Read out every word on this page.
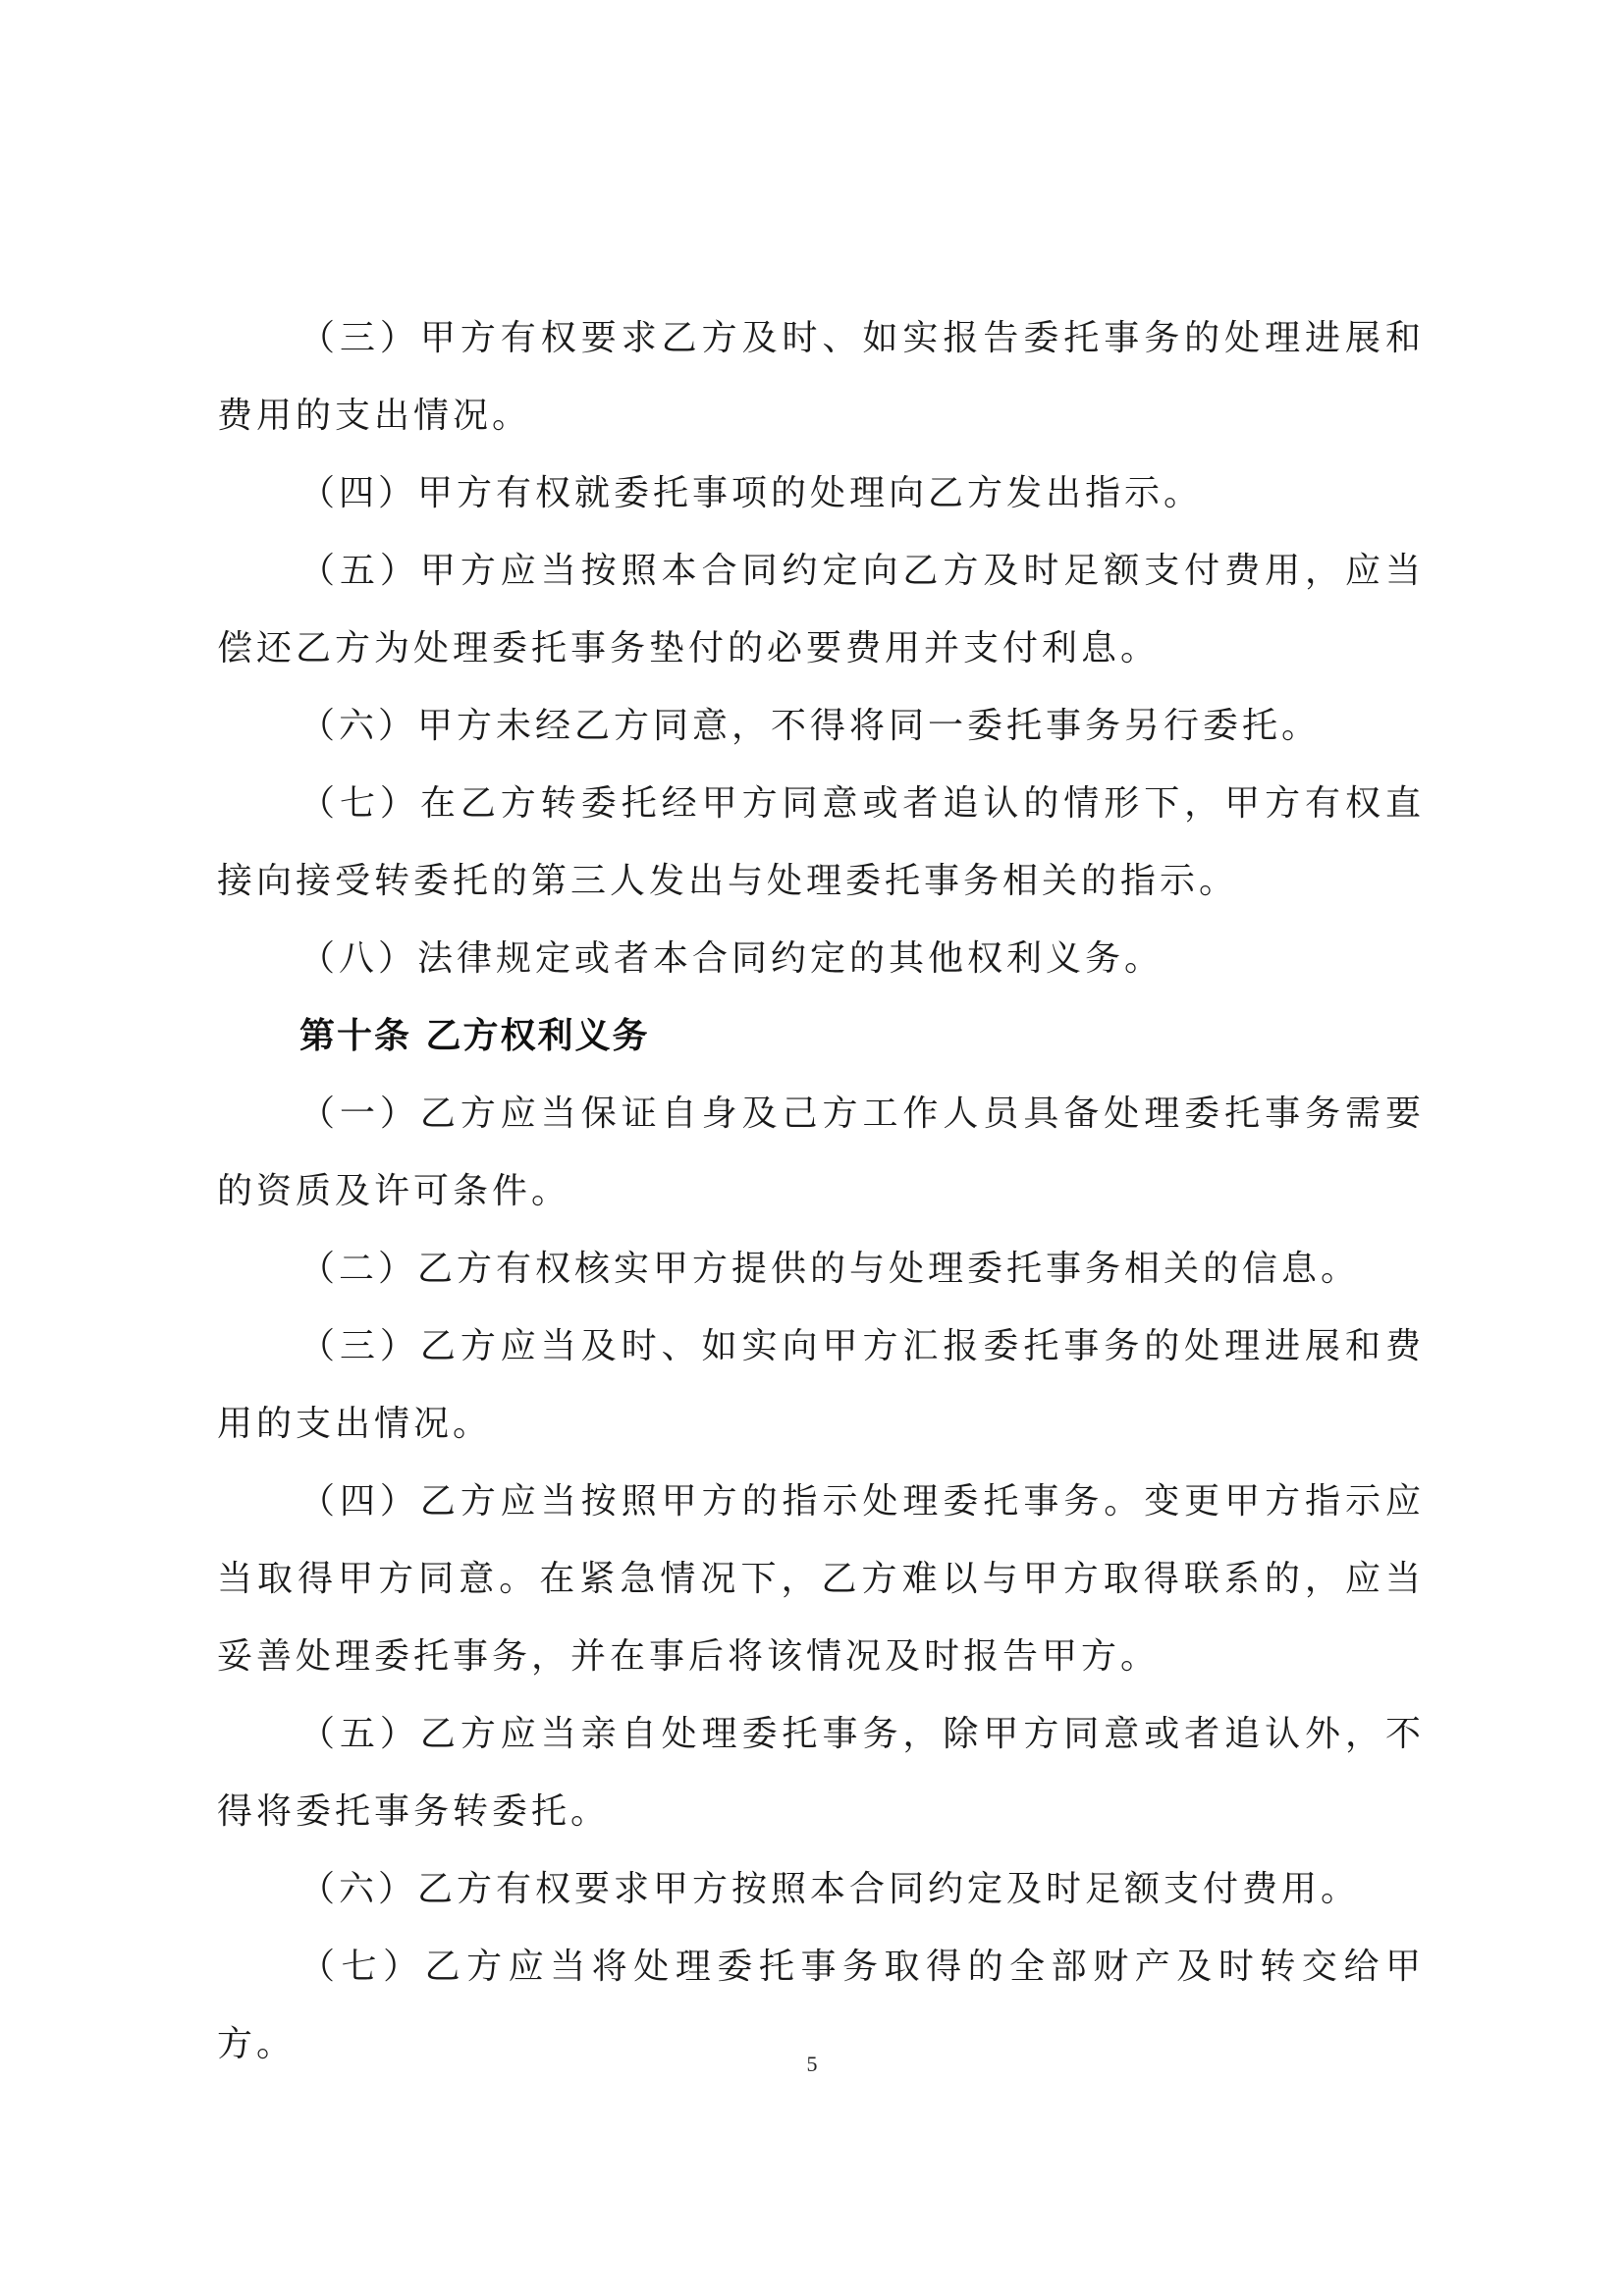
（三）甲方有权要求乙方及时、如实报告委托事务的处理进展和费用的支出情况。

（四）甲方有权就委托事项的处理向乙方发出指示。

（五）甲方应当按照本合同约定向乙方及时足额支付费用，应当偿还乙方为处理委托事务垫付的必要费用并支付利息。

（六）甲方未经乙方同意，不得将同一委托事务另行委托。

（七）在乙方转委托经甲方同意或者追认的情形下，甲方有权直接向接受转委托的第三人发出与处理委托事务相关的指示。

（八）法律规定或者本合同约定的其他权利义务。

第十条 乙方权利义务

（一）乙方应当保证自身及己方工作人员具备处理委托事务需要的资质及许可条件。

（二）乙方有权核实甲方提供的与处理委托事务相关的信息。

（三）乙方应当及时、如实向甲方汇报委托事务的处理进展和费用的支出情况。

（四）乙方应当按照甲方的指示处理委托事务。变更甲方指示应当取得甲方同意。在紧急情况下，乙方难以与甲方取得联系的，应当妥善处理委托事务，并在事后将该情况及时报告甲方。

（五）乙方应当亲自处理委托事务，除甲方同意或者追认外，不得将委托事务转委托。

（六）乙方有权要求甲方按照本合同约定及时足额支付费用。

（七）乙方应当将处理委托事务取得的全部财产及时转交给甲方。	5
